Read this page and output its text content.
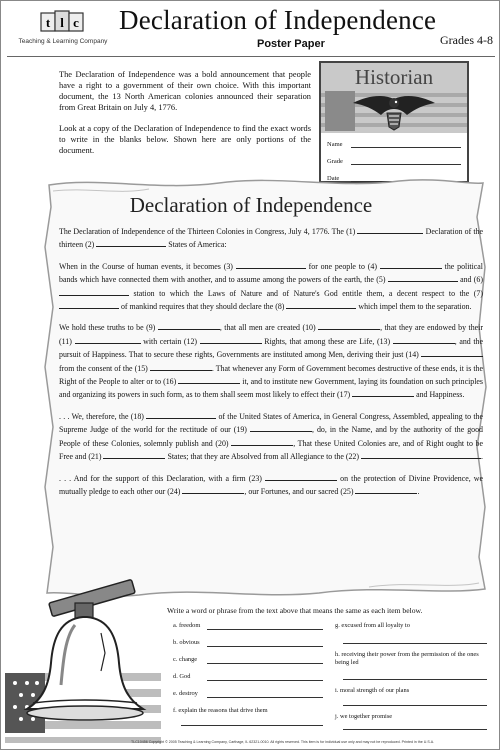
t l c
Teaching & Learning Company
Declaration of Independence
Poster Paper	Grades 4-8

The Declaration of Independence was a bold announcement that people have a right to a government of their own choice. With this important document, the 13 North American colonies announced their separation from Great Britain on July 4, 1776.

Look at a copy of the Declaration of Independence to find the exact words to write in the blanks below. Shown here are only portions of the document.

Historian
Name
Grade
Date
Declaration of Independence

The Declaration of Independence of the Thirteen Colonies in Congress, July 4, 1776. The (1)	Declaration of the thirteen (2)	States of America:

When in the Course of human events, it becomes (3)	for one people to (4)	the political bands which have connected them with another, and to assume among the powers of the earth, the (5)	and (6)  station to which the Laws of Nature and of Nature's God entitle them, a decent respect to the (7)  of mankind requires that they should declare the (8)	which impel them to the separation.

We hold these truths to be (9)	, that all men are created (10)	, that they are endowed by their (11)	with certain (12)	Rights, that among these are Life, (13)	, and the pursuit of Happiness. That to secure these rights, Governments are instituted among Men, deriving their just (14)  from the consent of the (15)	. That whenever any Form of Government becomes destructive of these ends, it is the Right of the People to alter or to (16)	it, and to institute new Government, laying its foundation on such principles and organizing its powers in such form, as to them shall seem most likely to effect their (17)	and Happiness.

. . . We, therefore, the (18)	of the United States of America, in General Congress, Assembled, appealing to the Supreme Judge of the world for the rectitude of our (19)	, do, in the Name, and by the authority of the good People of these Colonies, solemnly publish and (20)	, That these United Colonies are, and of Right ought to be Free and (21)	States; that they are Absolved from all Allegiance to the (22)	.

. . . And for the support of this Declaration, with a firm (23)	on the protection of Divine Providence, we mutually pledge to each other our (24)	, our Fortunes, and our sacred (25)	.

Write a word or phrase from the text above that means the same as each item below.
a. freedom
b. obvious
c. change
d. God
e. destroy
f. explain the reasons that drive them
g. excused from all loyalty to
h. receiving their power from the permission of the ones being led
i. moral strength of our plans
j. we together promise
TLC10456 Copyright © 2005 Teaching & Learning Company, Carthage, IL 62321-0010. All rights reserved. This item is for individual use only and may not be reproduced. Printed in the U.S.A.
